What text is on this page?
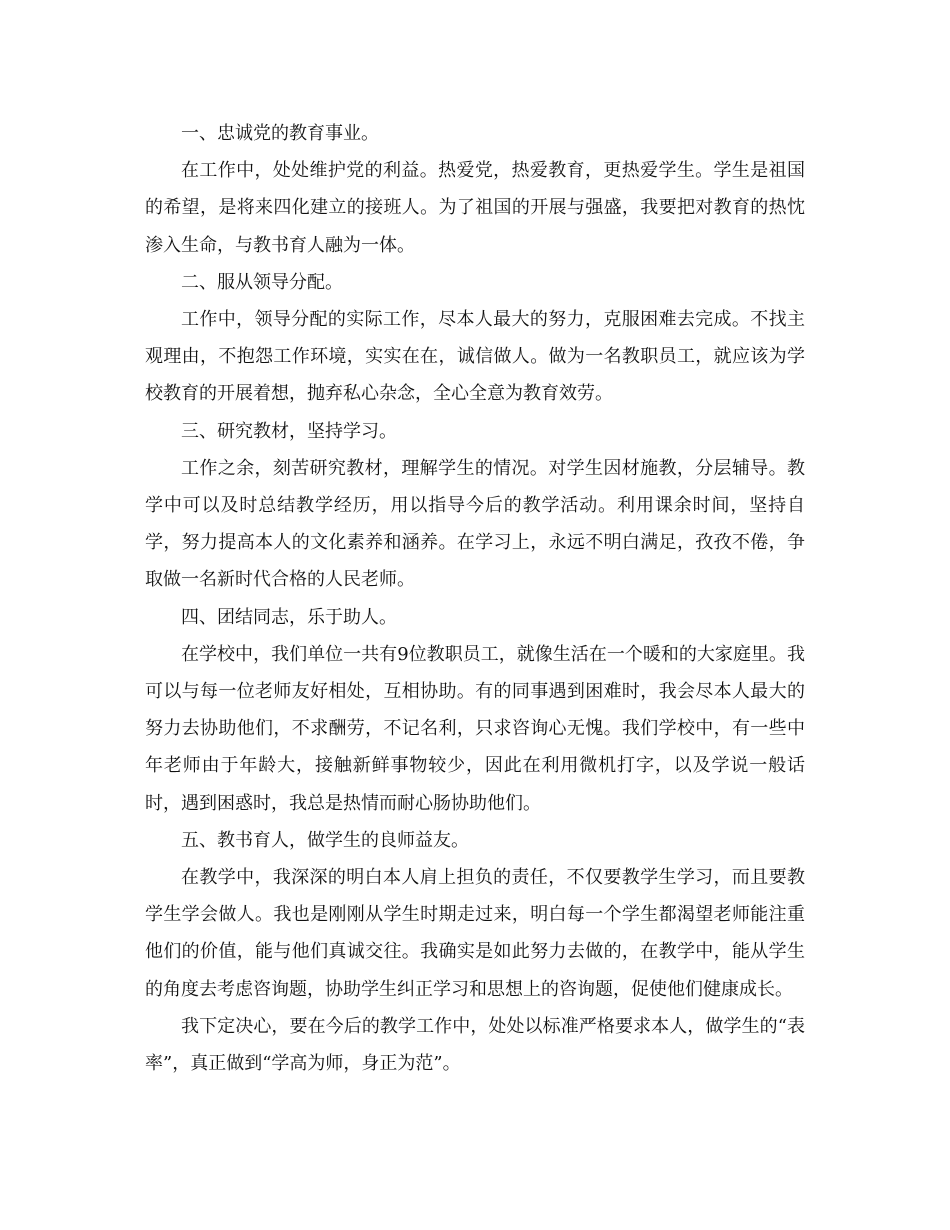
一、忠诚党的教育事业。

在工作中，处处维护党的利益。热爱党，热爱教育，更热爱学生。学生是祖国的希望，是将来四化建立的接班人。为了祖国的开展与强盛，我要把对教育的热忱渗入生命，与教书育人融为一体。

二、服从领导分配。

工作中，领导分配的实际工作，尽本人最大的努力，克服困难去完成。不找主观理由，不抱怨工作环境，实实在在，诚信做人。做为一名教职员工，就应该为学校教育的开展着想，抛弃私心杂念，全心全意为教育效劳。

三、研究教材，坚持学习。

工作之余，刻苦研究教材，理解学生的情况。对学生因材施教，分层辅导。教学中可以及时总结教学经历，用以指导今后的教学活动。利用课余时间，坚持自学，努力提高本人的文化素养和涵养。在学习上，永远不明白满足，孜孜不倦，争取做一名新时代合格的人民老师。

四、团结同志，乐于助人。

在学校中，我们单位一共有9位教职员工，就像生活在一个暖和的大家庭里。我可以与每一位老师友好相处，互相协助。有的同事遇到困难时，我会尽本人最大的努力去协助他们，不求酬劳，不记名利，只求咨询心无愧。我们学校中，有一些中年老师由于年龄大，接触新鲜事物较少，因此在利用微机打字，以及学说一般话时，遇到困惑时，我总是热情而耐心肠协助他们。

五、教书育人，做学生的良师益友。

在教学中，我深深的明白本人肩上担负的责任，不仅要教学生学习，而且要教学生学会做人。我也是刚刚从学生时期走过来，明白每一个学生都渴望老师能注重他们的价值，能与他们真诚交往。我确实是如此努力去做的，在教学中，能从学生的角度去考虑咨询题，协助学生纠正学习和思想上的咨询题，促使他们健康成长。

我下定决心，要在今后的教学工作中，处处以标准严格要求本人，做学生的“表率”，真正做到“学高为师，身正为范”。
